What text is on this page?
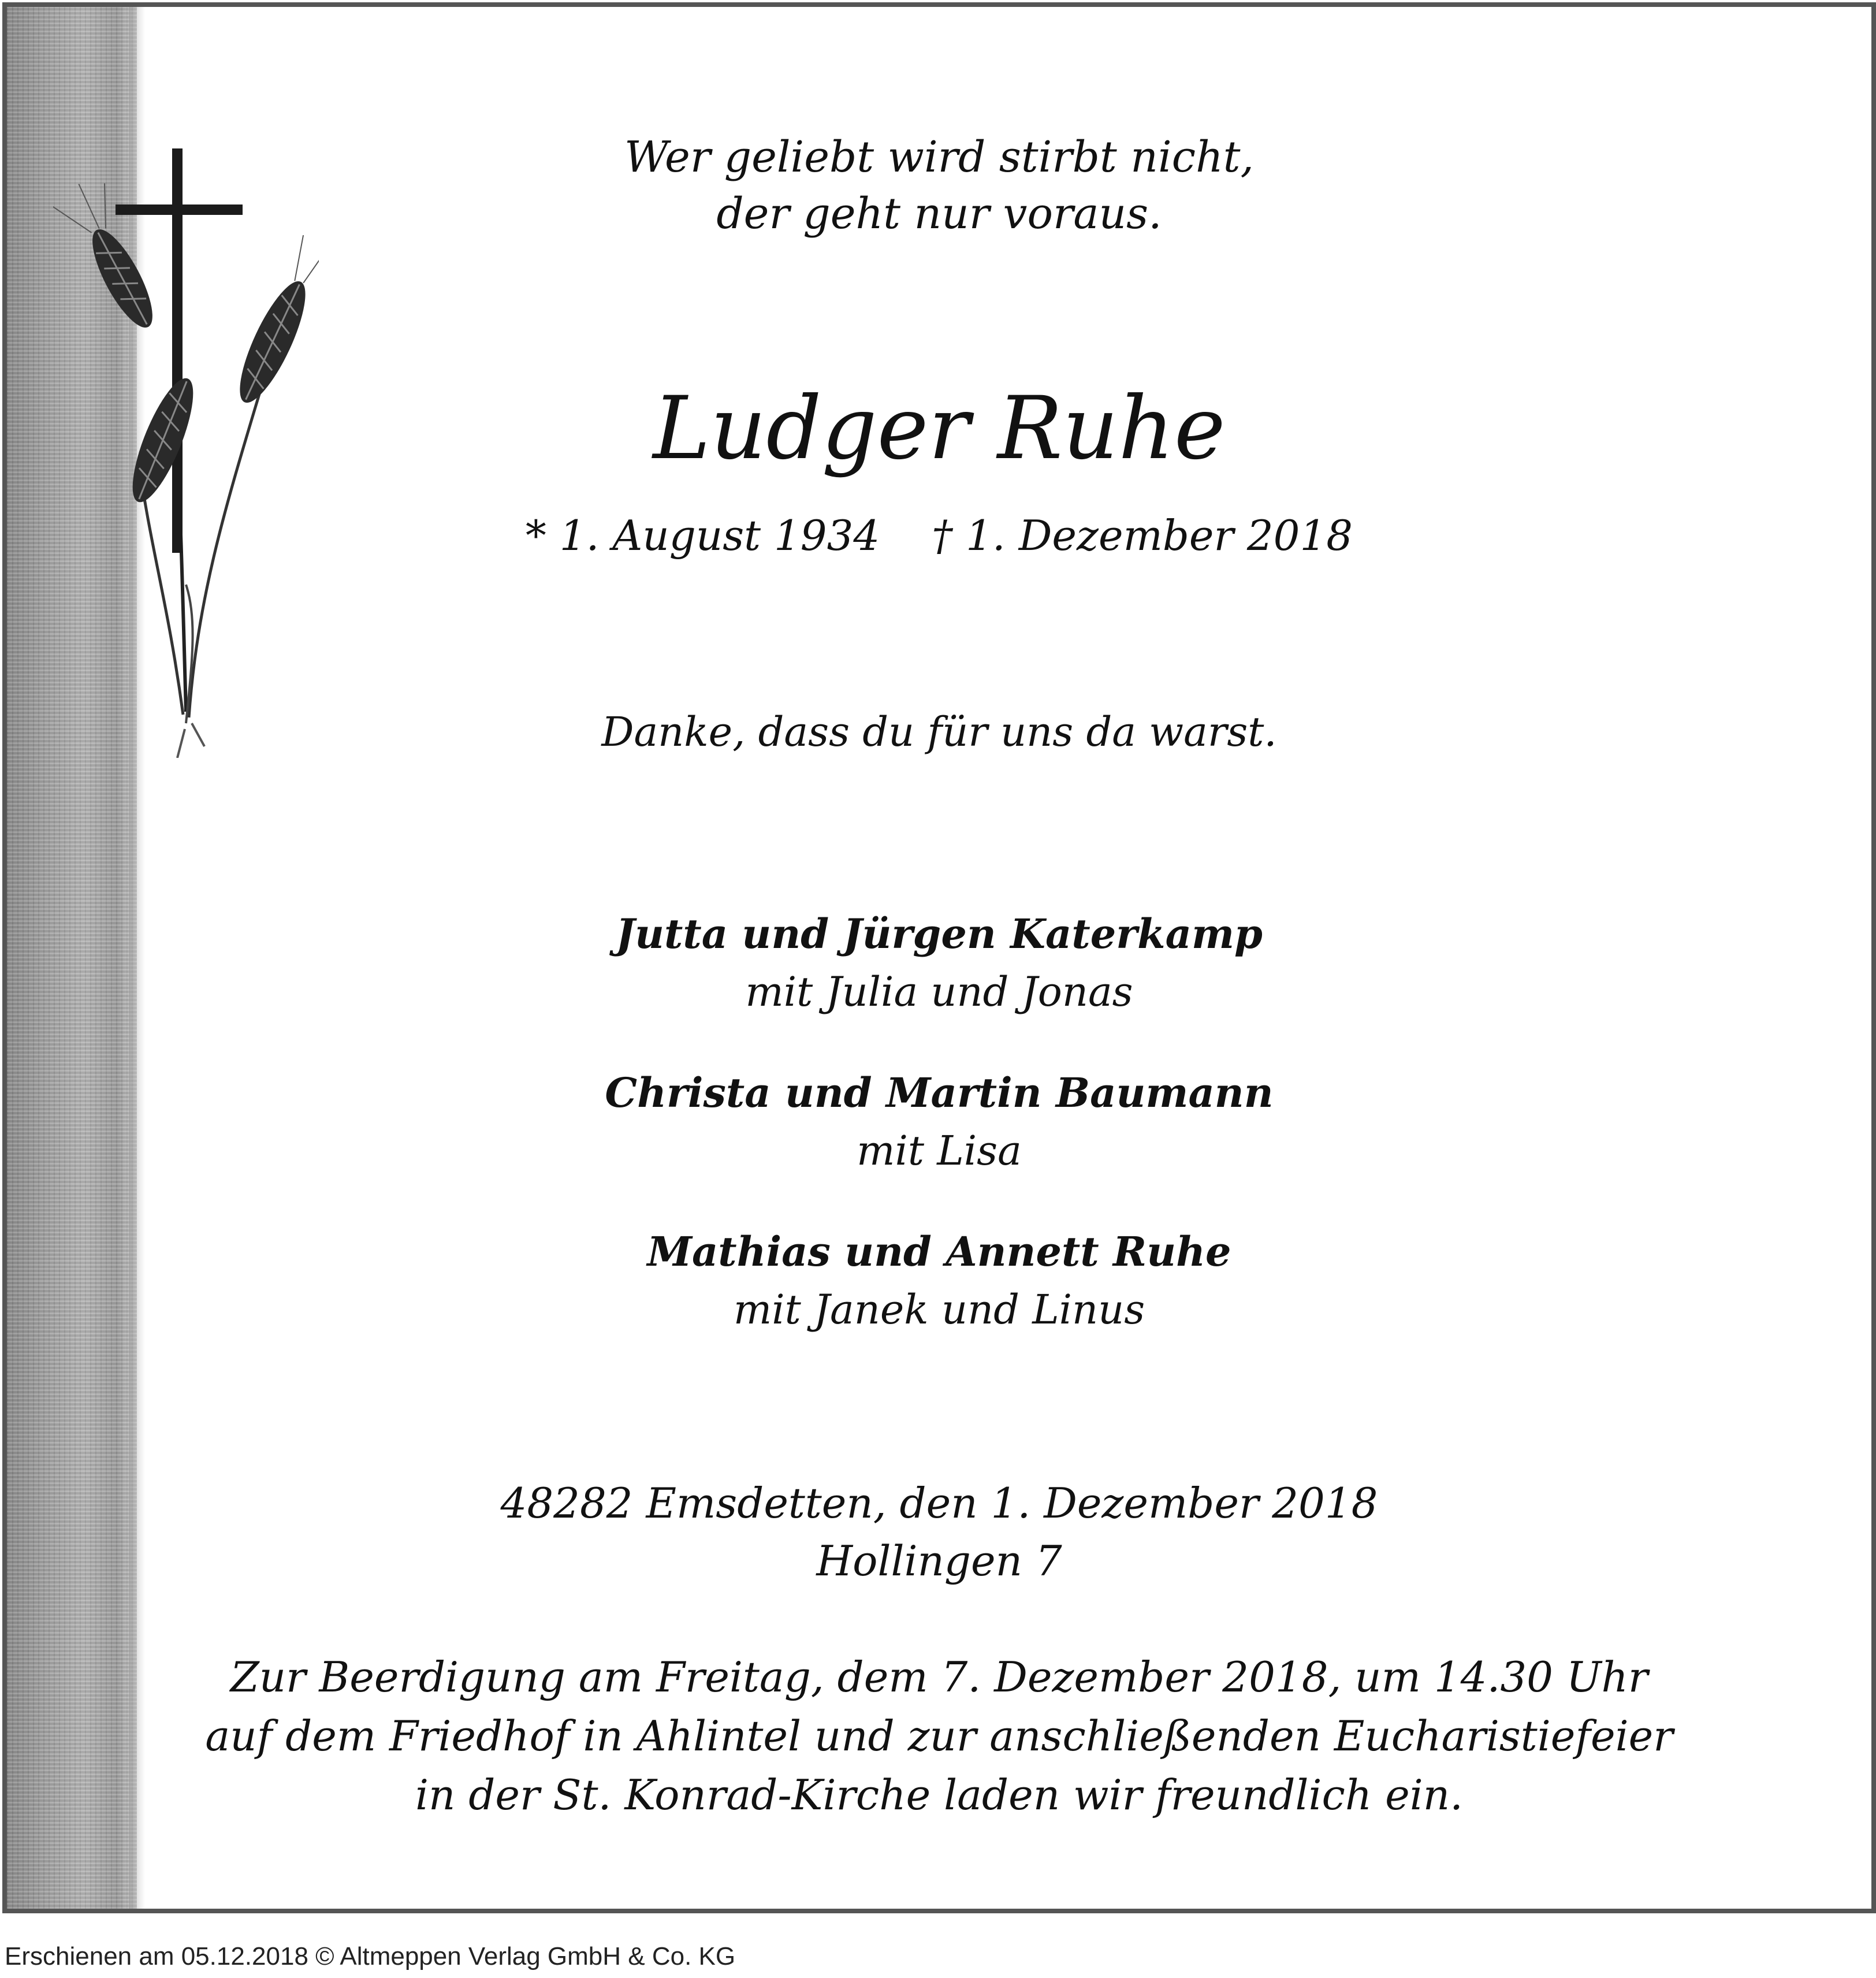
Wer geliebt wird stirbt nicht,

der geht nur voraus.

Ludger Ruhe

* 1. August 1934 † 1. Dezember 2018

Danke, dass du für uns da warst.

Jutta und Jürgen Katerkamp

mit Julia und Jonas

Christa und Martin Baumann

mit Lisa

Mathias und Annett Ruhe

mit Janek und Linus

48282 Emsdetten, den 1. Dezember 2018

Hollingen 7

Zur Beerdigung am Freitag, dem 7. Dezember 2018, um 14.30 Uhr

auf dem Friedhof in Ahlintel und zur anschließenden Eucharistiefeier

in der St. Konrad-Kirche laden wir freundlich ein.

Erschienen am 05.12.2018 © Altmeppen Verlag GmbH & Co. KG
